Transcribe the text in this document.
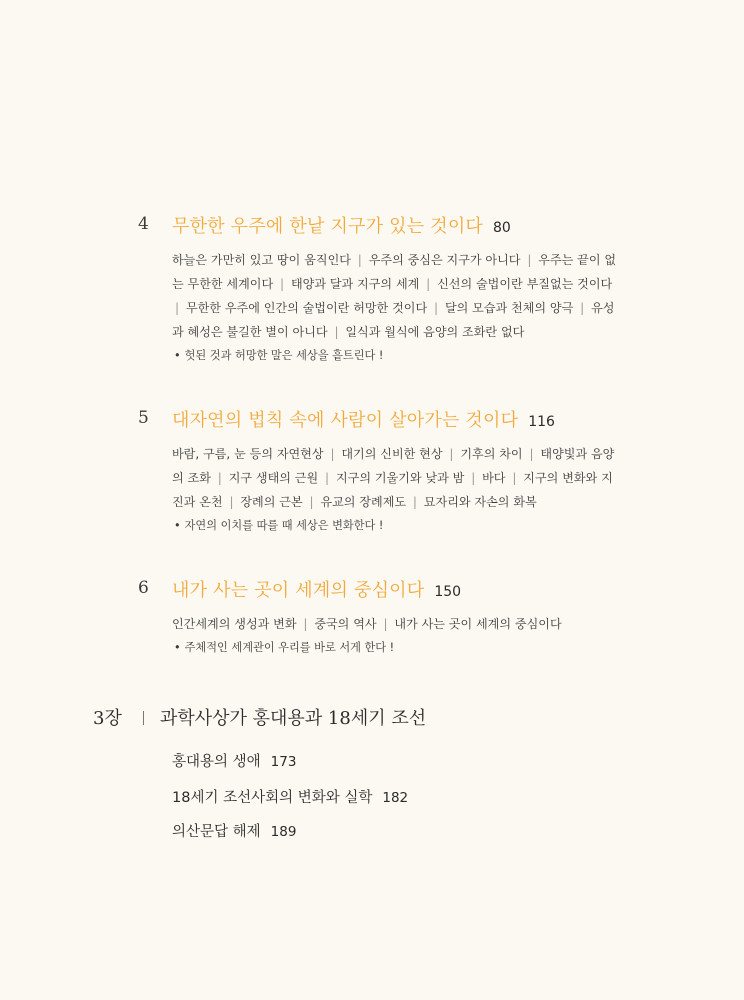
4 무한한 우주에 한낱 지구가 있는 것이다 80
하늘은 가만히 있고 땅이 움직인다 | 우주의 중심은 지구가 아니다 | 우주는 끝이 없는 무한한 세계이다 | 태양과 달과 지구의 세계 | 신선의 술법이란 부질없는 것이다 | 무한한 우주에 인간의 술법이란 허망한 것이다 | 달의 모습과 천체의 양극 | 유성과 혜성은 불길한 별이 아니다 | 일식과 월식에 음양의 조화란 없다
• 헛된 것과 허망한 말은 세상을 흩트린다 !
5 대자연의 법칙 속에 사람이 살아가는 것이다 116
바람, 구름, 눈 등의 자연현상 | 대기의 신비한 현상 | 기후의 차이 | 태양빛과 음양의 조화 | 지구 생태의 근원 | 지구의 기울기와 낮과 밤 | 바다 | 지구의 변화와 지진과 온천 | 장례의 근본 | 유교의 장례제도 | 묘자리와 자손의 화복
• 자연의 이치를 따를 때 세상은 변화한다 !
6 내가 사는 곳이 세계의 중심이다 150
인간세계의 생성과 변화 | 중국의 역사 | 내가 사는 곳이 세계의 중심이다
• 주체적인 세계관이 우리를 바로 서게 한다 !
3장 과학사상가 홍대용과 18세기 조선
홍대용의 생애 173
18세기 조선사회의 변화와 실학 182
의산문답 해제 189
